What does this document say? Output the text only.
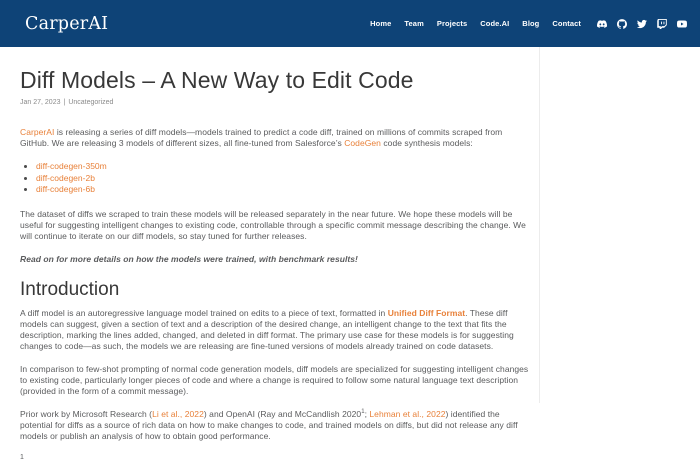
CarperAI	Home Team Projects Code.AI Blog Contact
Diff Models – A New Way to Edit Code
Jan 27, 2023 | Uncategorized

CarperAI is releasing a series of diff models—models trained to predict a code diff, trained on millions of commits scraped from GitHub. We are releasing 3 models of different sizes, all fine-tuned from Salesforce’s CodeGen code synthesis models:

• diff-codegen-350m
• diff-codegen-2b
• diff-codegen-6b

The dataset of diffs we scraped to train these models will be released separately in the near future. We hope these models will be useful for suggesting intelligent changes to existing code, controllable through a specific commit message describing the change. We will continue to iterate on our diff models, so stay tuned for further releases.

Read on for more details on how the models were trained, with benchmark results!

Introduction

A diff model is an autoregressive language model trained on edits to a piece of text, formatted in Unified Diff Format. These diff models can suggest, given a section of text and a description of the desired change, an intelligent change to the text that fits the description, marking the lines added, changed, and deleted in diff format. The primary use case for these models is for suggesting changes to code—as such, the models we are releasing are fine-tuned versions of models already trained on code datasets.

In comparison to few-shot prompting of normal code generation models, diff models are specialized for suggesting intelligent changes to existing code, particularly longer pieces of code and where a change is required to follow some natural language text description (provided in the form of a commit message).

Prior work by Microsoft Research (Li et al., 2022) and OpenAI (Ray and McCandlish 2020$^1$; Lehman et al., 2022) identified the potential for diffs as a source of rich data on how to make changes to code, and trained models on diffs, but did not release any diff models or publish an analysis of how to obtain good performance.

1
